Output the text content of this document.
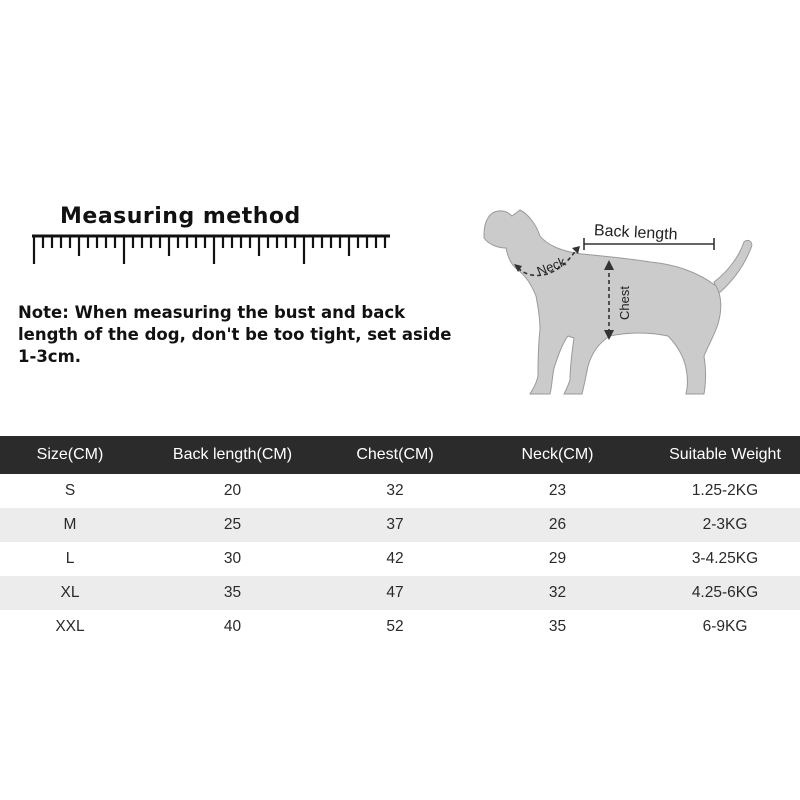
Measuring method
Note: When measuring the bust and back length of the dog, don't be too tight, set aside 1-3cm.
Back length
Neck
Chest
Size(CM)	Back length(CM)	Chest(CM)	Neck(CM)	Suitable Weight
S	20	32	23	1.25-2KG
M	25	37	26	2-3KG
L	30	42	29	3-4.25KG
XL	35	47	32	4.25-6KG
XXL	40	52	35	6-9KG
